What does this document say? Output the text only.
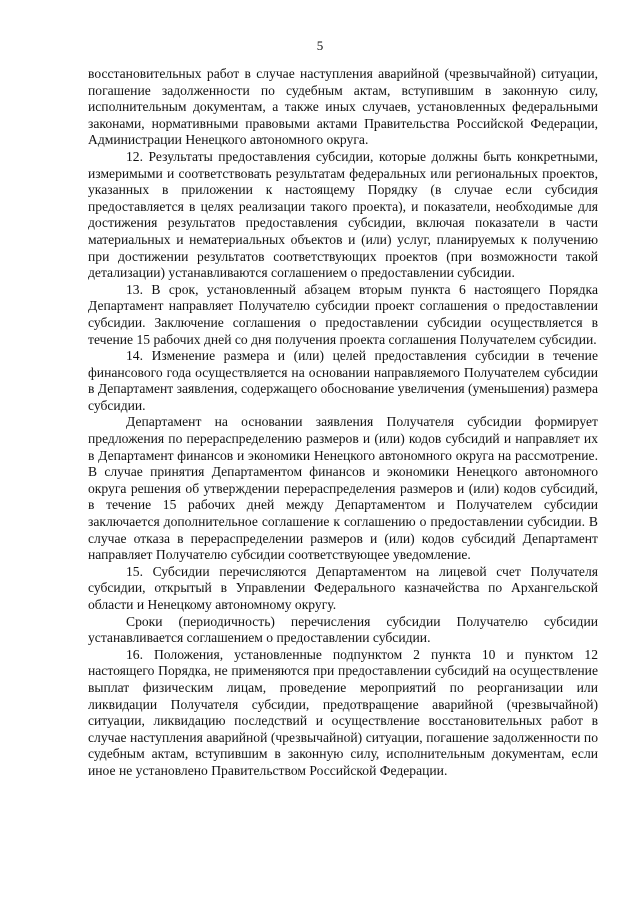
5

восстановительных работ в случае наступления аварийной (чрезвычайной) ситуации, погашение задолженности по судебным актам, вступившим в законную силу, исполнительным документам, а также иных случаев, установленных федеральными законами, нормативными правовыми актами Правительства Российской Федерации, Администрации Ненецкого автономного округа.

12. Результаты предоставления субсидии, которые должны быть конкретными, измеримыми и соответствовать результатам федеральных или региональных проектов, указанных в приложении к настоящему Порядку (в случае если субсидия предоставляется в целях реализации такого проекта), и показатели, необходимые для достижения результатов предоставления субсидии, включая показатели в части материальных и нематериальных объектов и (или) услуг, планируемых к получению при достижении результатов соответствующих проектов (при возможности такой детализации) устанавливаются соглашением о предоставлении субсидии.

13. В срок, установленный абзацем вторым пункта 6 настоящего Порядка Департамент направляет Получателю субсидии проект соглашения о предоставлении субсидии. Заключение соглашения о предоставлении субсидии осуществляется в течение 15 рабочих дней со дня получения проекта соглашения Получателем субсидии.

14. Изменение размера и (или) целей предоставления субсидии в течение финансового года осуществляется на основании направляемого Получателем субсидии в Департамент заявления, содержащего обоснование увеличения (уменьшения) размера субсидии.

Департамент на основании заявления Получателя субсидии формирует предложения по перераспределению размеров и (или) кодов субсидий и направляет их в Департамент финансов и экономики Ненецкого автономного округа на рассмотрение. В случае принятия Департаментом финансов и экономики Ненецкого автономного округа решения об утверждении перераспределения размеров и (или) кодов субсидий, в течение 15 рабочих дней между Департаментом и Получателем субсидии заключается дополнительное соглашение к соглашению о предоставлении субсидии. В случае отказа в перераспределении размеров и (или) кодов субсидий Департамент направляет Получателю субсидии соответствующее уведомление.

15. Субсидии перечисляются Департаментом на лицевой счет Получателя субсидии, открытый в Управлении Федерального казначейства по Архангельской области и Ненецкому автономному округу.

Сроки (периодичность) перечисления субсидии Получателю субсидии устанавливается соглашением о предоставлении субсидии.

16. Положения, установленные подпунктом 2 пункта 10 и пунктом 12 настоящего Порядка, не применяются при предоставлении субсидий на осуществление выплат физическим лицам, проведение мероприятий по реорганизации или ликвидации Получателя субсидии, предотвращение аварийной (чрезвычайной) ситуации, ликвидацию последствий и осуществление восстановительных работ в случае наступления аварийной (чрезвычайной) ситуации, погашение задолженности по судебным актам, вступившим в законную силу, исполнительным документам, если иное не установлено Правительством Российской Федерации.
